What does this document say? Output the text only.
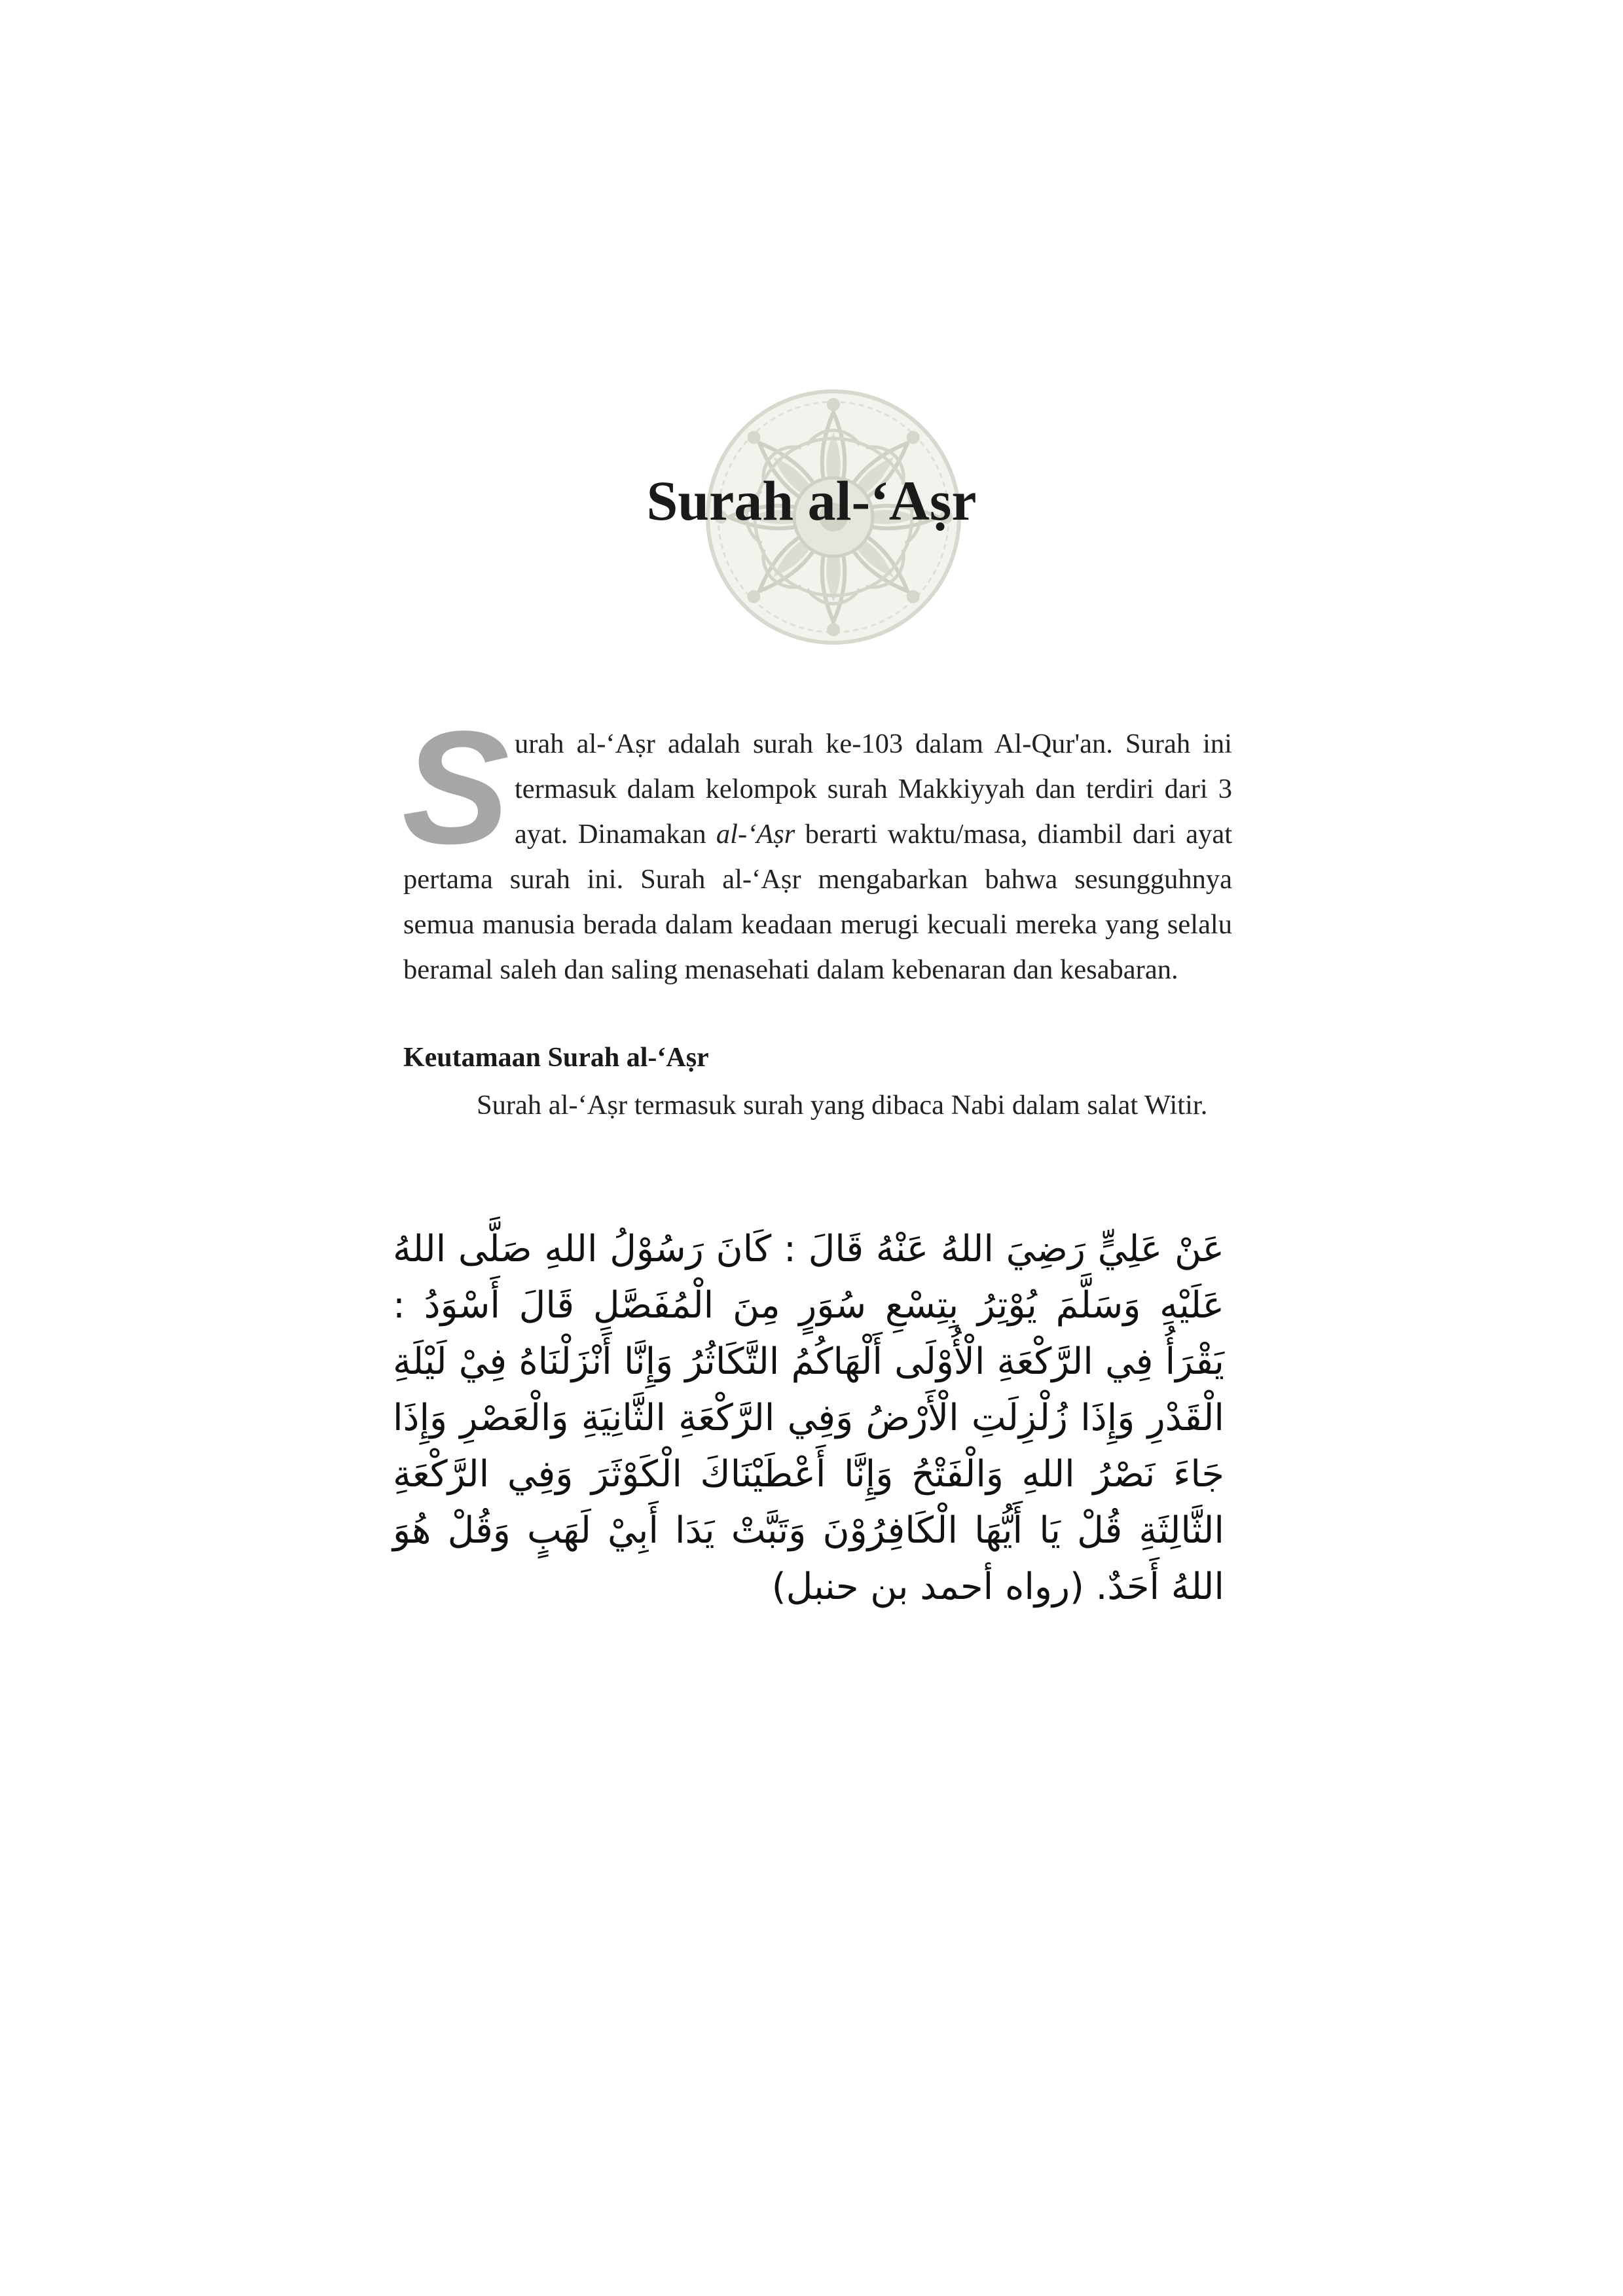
Surah al-‘Aṣr

S urah al-‘Aṣr adalah surah ke-103 dalam Al-Qur'an. Surah ini termasuk dalam kelompok surah Makkiyyah dan terdiri dari 3 ayat. Dinamakan al-‘Aṣr berarti waktu/masa, diambil dari ayat pertama surah ini. Surah al-‘Aṣr mengabarkan bahwa sesungguhnya semua manusia berada dalam keadaan merugi kecuali mereka yang selalu beramal saleh dan saling menasehati dalam kebenaran dan kesabaran.

Keutamaan Surah al-‘Aṣr

Surah al-‘Aṣr termasuk surah yang dibaca Nabi dalam salat Witir.

عَنْ عَلِيٍّ رَضِيَ اللهُ عَنْهُ قَالَ : كَانَ رَسُوْلُ اللهِ صَلَّى اللهُ عَلَيْهِ وَسَلَّمَ يُوْتِرُ بِتِسْعِ سُوَرٍ مِنَ الْمُفَصَّلِ قَالَ أَسْوَدُ : يَقْرَأُ فِي الرَّكْعَةِ الْأُوْلَى أَلْهَاكُمُ التَّكَاثُرُ وَإِنَّا أَنْزَلْنَاهُ فِيْ لَيْلَةِ الْقَدْرِ وَإِذَا زُلْزِلَتِ الْأَرْضُ وَفِي الرَّكْعَةِ الثَّانِيَةِ وَالْعَصْرِ وَإِذَا جَاءَ نَصْرُ اللهِ وَالْفَتْحُ وَإِنَّا أَعْطَيْنَاكَ الْكَوْثَرَ وَفِي الرَّكْعَةِ الثَّالِثَةِ قُلْ يَا أَيُّهَا الْكَافِرُوْنَ وَتَبَّتْ يَدَا أَبِيْ لَهَبٍ وَقُلْ هُوَ اللهُ أَحَدٌ. (رواه أحمد بن حنبل)
